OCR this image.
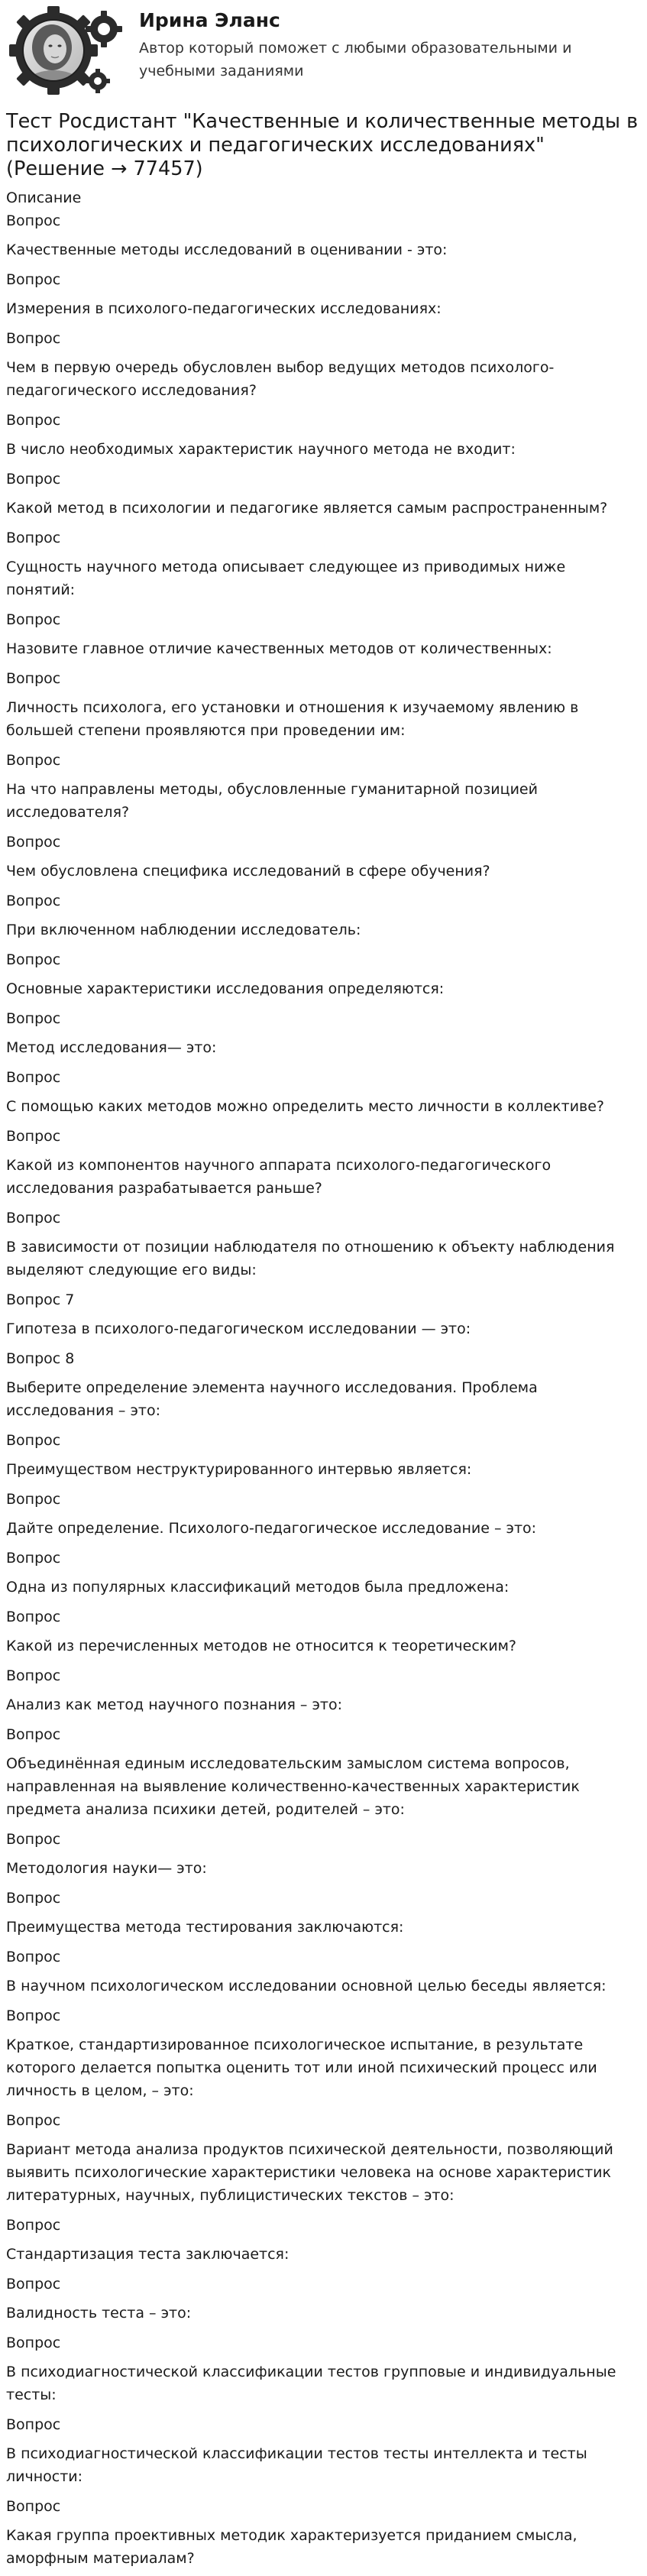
Ирина Эланс
Автор который поможет с любыми образовательными и учебными заданиями
Тест Росдистант "Качественные и количественные методы в психологических и педагогических исследованиях" (Решение → 77457)
Описание
Вопрос
Качественные методы исследований в оценивании - это:
Вопрос
Измерения в психолого-педагогических исследованиях:
Вопрос
Чем в первую очередь обусловлен выбор ведущих методов психолого-педагогического исследования?
Вопрос
В число необходимых характеристик научного метода не входит:
Вопрос
Какой метод в психологии и педагогике является самым распространенным?
Вопрос
Сущность научного метода описывает следующее из приводимых ниже понятий:
Вопрос
Назовите главное отличие качественных методов от количественных:
Вопрос
Личность психолога, его установки и отношения к изучаемому явлению в большей степени проявляются при проведении им:
Вопрос
На что направлены методы, обусловленные гуманитарной позицией исследователя?
Вопрос
Чем обусловлена специфика исследований в сфере обучения?
Вопрос
При включенном наблюдении исследователь:
Вопрос
Основные характеристики исследования определяются:
Вопрос
Метод исследования— это:
Вопрос
С помощью каких методов можно определить место личности в коллективе?
Вопрос
Какой из компонентов научного аппарата психолого-педагогического исследования разрабатывается раньше?
Вопрос
В зависимости от позиции наблюдателя по отношению к объекту наблюдения выделяют следующие его виды:
Вопрос 7
Гипотеза в психолого-педагогическом исследовании — это:
Вопрос 8
Выберите определение элемента научного исследования. Проблема исследования – это:
Вопрос
Преимуществом неструктурированного интервью является:
Вопрос
Дайте определение. Психолого-педагогическое исследование – это:
Вопрос
Одна из популярных классификаций методов была предложена:
Вопрос
Какой из перечисленных методов не относится к теоретическим?
Вопрос
Анализ как метод научного познания – это:
Вопрос
Объединённая единым исследовательским замыслом система вопросов, направленная на выявление количественно-качественных характеристик предмета анализа психики детей, родителей – это:
Вопрос
Методология науки— это:
Вопрос
Преимущества метода тестирования заключаются:
Вопрос
В научном психологическом исследовании основной целью беседы является:
Вопрос
Краткое, стандартизированное психологическое испытание, в результате которого делается попытка оценить тот или иной психический процесс или личность в целом, – это:
Вопрос
Вариант метода анализа продуктов психической деятельности, позволяющий выявить психологические характеристики человека на основе характеристик литературных, научных, публицистических текстов – это:
Вопрос
Стандартизация теста заключается:
Вопрос
Валидность теста – это:
Вопрос
В психодиагностической классификации тестов групповые и индивидуальные тесты:
Вопрос
В психодиагностической классификации тестов тесты интеллекта и тесты личности:
Вопрос
Какая группа проективных методик характеризуется приданием смысла, аморфным материалам?
